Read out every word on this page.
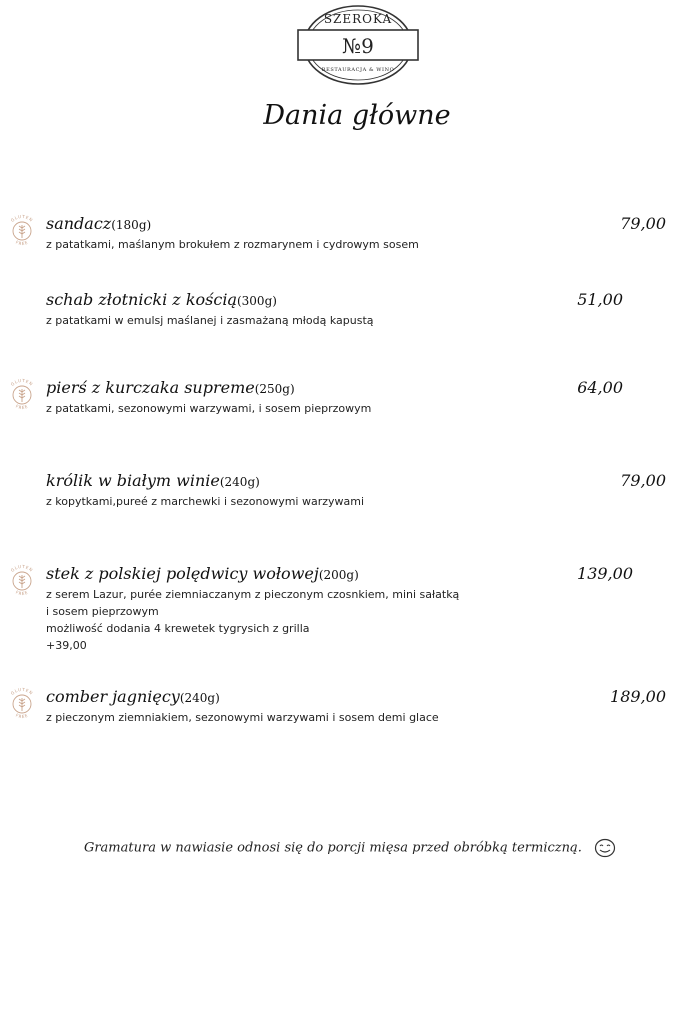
SZEROKA
№9
RESTAURACJA & WINO
Dania główne
GLUTEN
FREE
sandacz(180g)	79,00
z patatkami, maślanym brokułem z rozmarynem i cydrowym sosem
schab złotnicki z kością(300g)	51,00
z patatkami w emulsj maślanej i zasmażaną młodą kapustą
GLUTEN
FREE
pierś z kurczaka supreme(250g)	64,00
z patatkami, sezonowymi warzywami, i sosem pieprzowym
królik w białym winie(240g)	79,00
z kopytkami,pureé z marchewki i sezonowymi warzywami
GLUTEN
FREE
stek z polskiej polędwicy wołowej(200g)	139,00
z serem Lazur, purée ziemniaczanym z pieczonym czosnkiem, mini sałatką
i sosem pieprzowym
możliwość dodania 4 krewetek tygrysich z grilla
+39,00
GLUTEN
FREE
comber jagnięcy(240g)	189,00
z pieczonym ziemniakiem, sezonowymi warzywami i sosem demi glace
Gramatura w nawiasie odnosi się do porcji mięsa przed obróbką termiczną.
